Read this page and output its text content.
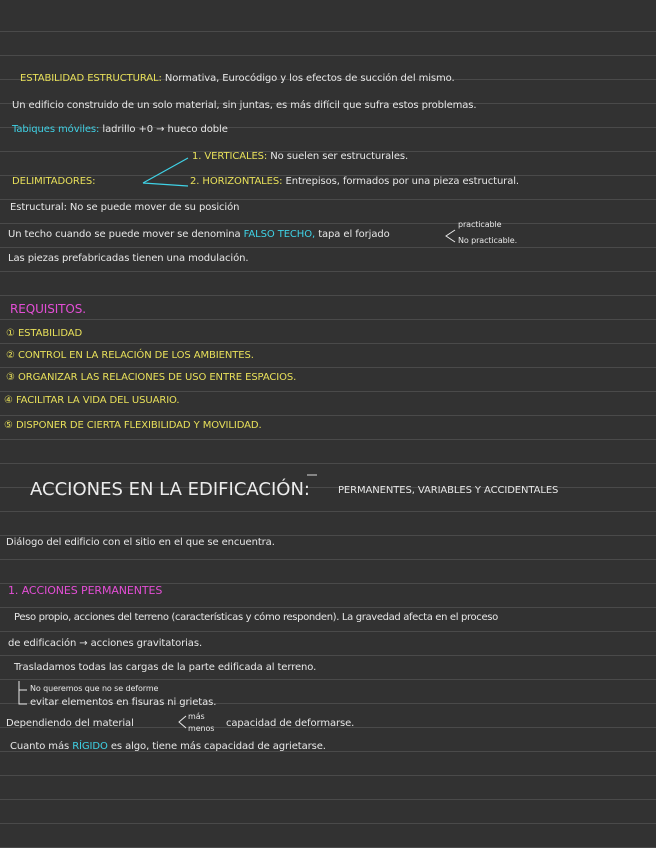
ESTABILIDAD ESTRUCTURAL: Normativa, Eurocódigo y los efectos de succión del mismo.
Un edificio construido de un solo material, sin juntas, es más difícil que sufra estos problemas.
Tabiques móviles: ladrillo +0 → hueco doble
1. VERTICALES: No suelen ser estructurales.
DELIMITADORES:	2. HORIZONTALES: Entrepisos, formados por una pieza estructural.
Estructural: No se puede mover de su posición
Un techo cuando se puede mover se denomina FALSO TECHO, tapa el forjado
practicable
No practicable.
Las piezas prefabricadas tienen una modulación.
REQUISITOS.
① ESTABILIDAD
② CONTROL EN LA RELACIÓN DE LOS AMBIENTES.
③ ORGANIZAR LAS RELACIONES DE USO ENTRE ESPACIOS.
④ FACILITAR LA VIDA DEL USUARIO.
⑤ DISPONER DE CIERTA FLEXIBILIDAD Y MOVILIDAD.
ACCIONES EN LA EDIFICACIÓN:	PERMANENTES, VARIABLES Y ACCIDENTALES
Diálogo del edificio con el sitio en el que se encuentra.
1. ACCIONES PERMANENTES
Peso propio, acciones del terreno (características y cómo responden). La gravedad afecta en el proceso
de edificación → acciones gravitatorias.
Trasladamos todas las cargas de la parte edificada al terreno.
No queremos que no se deforme
evitar elementos en fisuras ni grietas.
Dependiendo del material
más
menos capacidad de deformarse.
Cuanto más RÍGIDO es algo, tiene más capacidad de agrietarse.
